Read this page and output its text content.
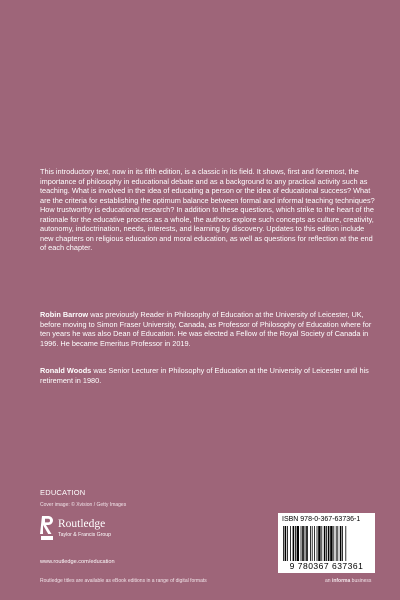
This introductory text, now in its fifth edition, is a classic in its field. It shows, first and foremost, the importance of philosophy in educational debate and as a background to any practical activity such as teaching. What is involved in the idea of educating a person or the idea of educational success? What are the criteria for establishing the optimum balance between formal and informal teaching techniques? How trustworthy is educational research? In addition to these questions, which strike to the heart of the rationale for the educative process as a whole, the authors explore such concepts as culture, creativity, autonomy, indoctrination, needs, interests, and learning by discovery. Updates to this edition include new chapters on religious education and moral education, as well as questions for reflection at the end of each chapter.

Robin Barrow was previously Reader in Philosophy of Education at the University of Leicester, UK, before moving to Simon Fraser University, Canada, as Professor of Philosophy of Education where for ten years he was also Dean of Education. He was elected a Fellow of the Royal Society of Canada in 1996. He became Emeritus Professor in 2019.

Ronald Woods was Senior Lecturer in Philosophy of Education at the University of Leicester until his retirement in 1980.

EDUCATION
Cover image: © Xvision / Getty Images
Routledge
Taylor & Francis Group
www.routledge.com/education
Routledge titles are available as eBook editions in a range of digital formats
ISBN 978-0-367-63736-1
9 780367 637361
an informa business
